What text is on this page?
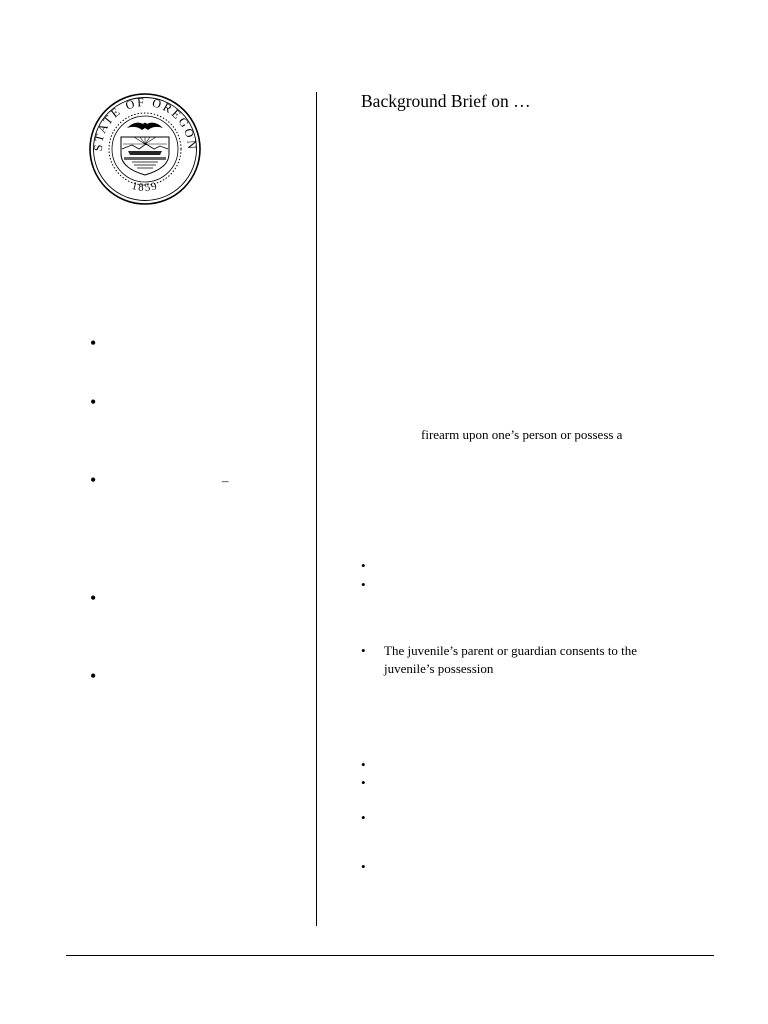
STATE OF OREGON
1859
•
•
•	–
•
•
Background Brief on …
firearm upon one’s person or possess a
•
•
• The juvenile’s parent or guardian consents to the
juvenile’s possession
•
•
•
•
